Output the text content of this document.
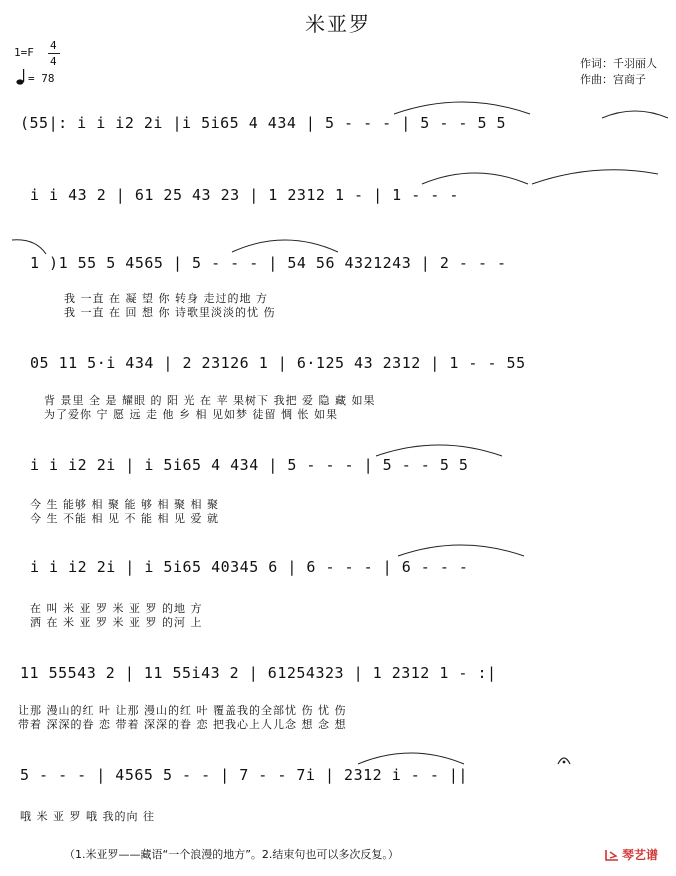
米亚罗
1=F
4
4
= 78
作词：千羽丽人
作曲：宫商子
(55|: i i i2 2i |i 5i65 4 434 | 5 - - - | 5 - - 5 5
i i 43 2 | 61 25 43 23 | 1 2312 1 - | 1 - - -
1 )1 55 5 4565 | 5 - - - | 54 56 4321243 | 2 - - -
我 一直 在 凝 望 你 转身 走过的地 方
我 一直 在 回 想 你 诗歌里淡淡的忧 伤
05 11 5·i 434 | 2 23126 1 | 6·125 43 2312 | 1 - - 55
背 景里 全 是 耀眼 的 阳 光 在 苹 果树下 我把 爱 隐 藏 如果
为了爱你 宁 愿 远 走 他 乡 相 见如梦 徒留 惆 怅 如果
i i i2 2i | i 5i65 4 434 | 5 - - - | 5 - - 5 5
今 生 能够 相 聚 能 够 相 聚 相 聚
今 生 不能 相 见 不 能 相 见 爱 就
i i i2 2i | i 5i65 40345 6 | 6 - - - | 6 - - -
在 叫 米 亚 罗 米 亚 罗 的地 方
洒 在 米 亚 罗 米 亚 罗 的河 上
11 55543 2 | 11 55i43 2 | 61254323 | 1 2312 1 - :|
让那 漫山的红 叶 让那 漫山的红 叶 覆盖我的全部忧 伤 忧 伤
带着 深深的眷 恋 带着 深深的眷 恋 把我心上人儿念 想 念 想
5 - - - | 4565 5 - - | 7 - - 7i | 2312 i - - ||
哦 米 亚 罗 哦 我的向 往
（1.米亚罗——藏语“一个浪漫的地方”。2.结束句也可以多次反复。）	琴艺谱
